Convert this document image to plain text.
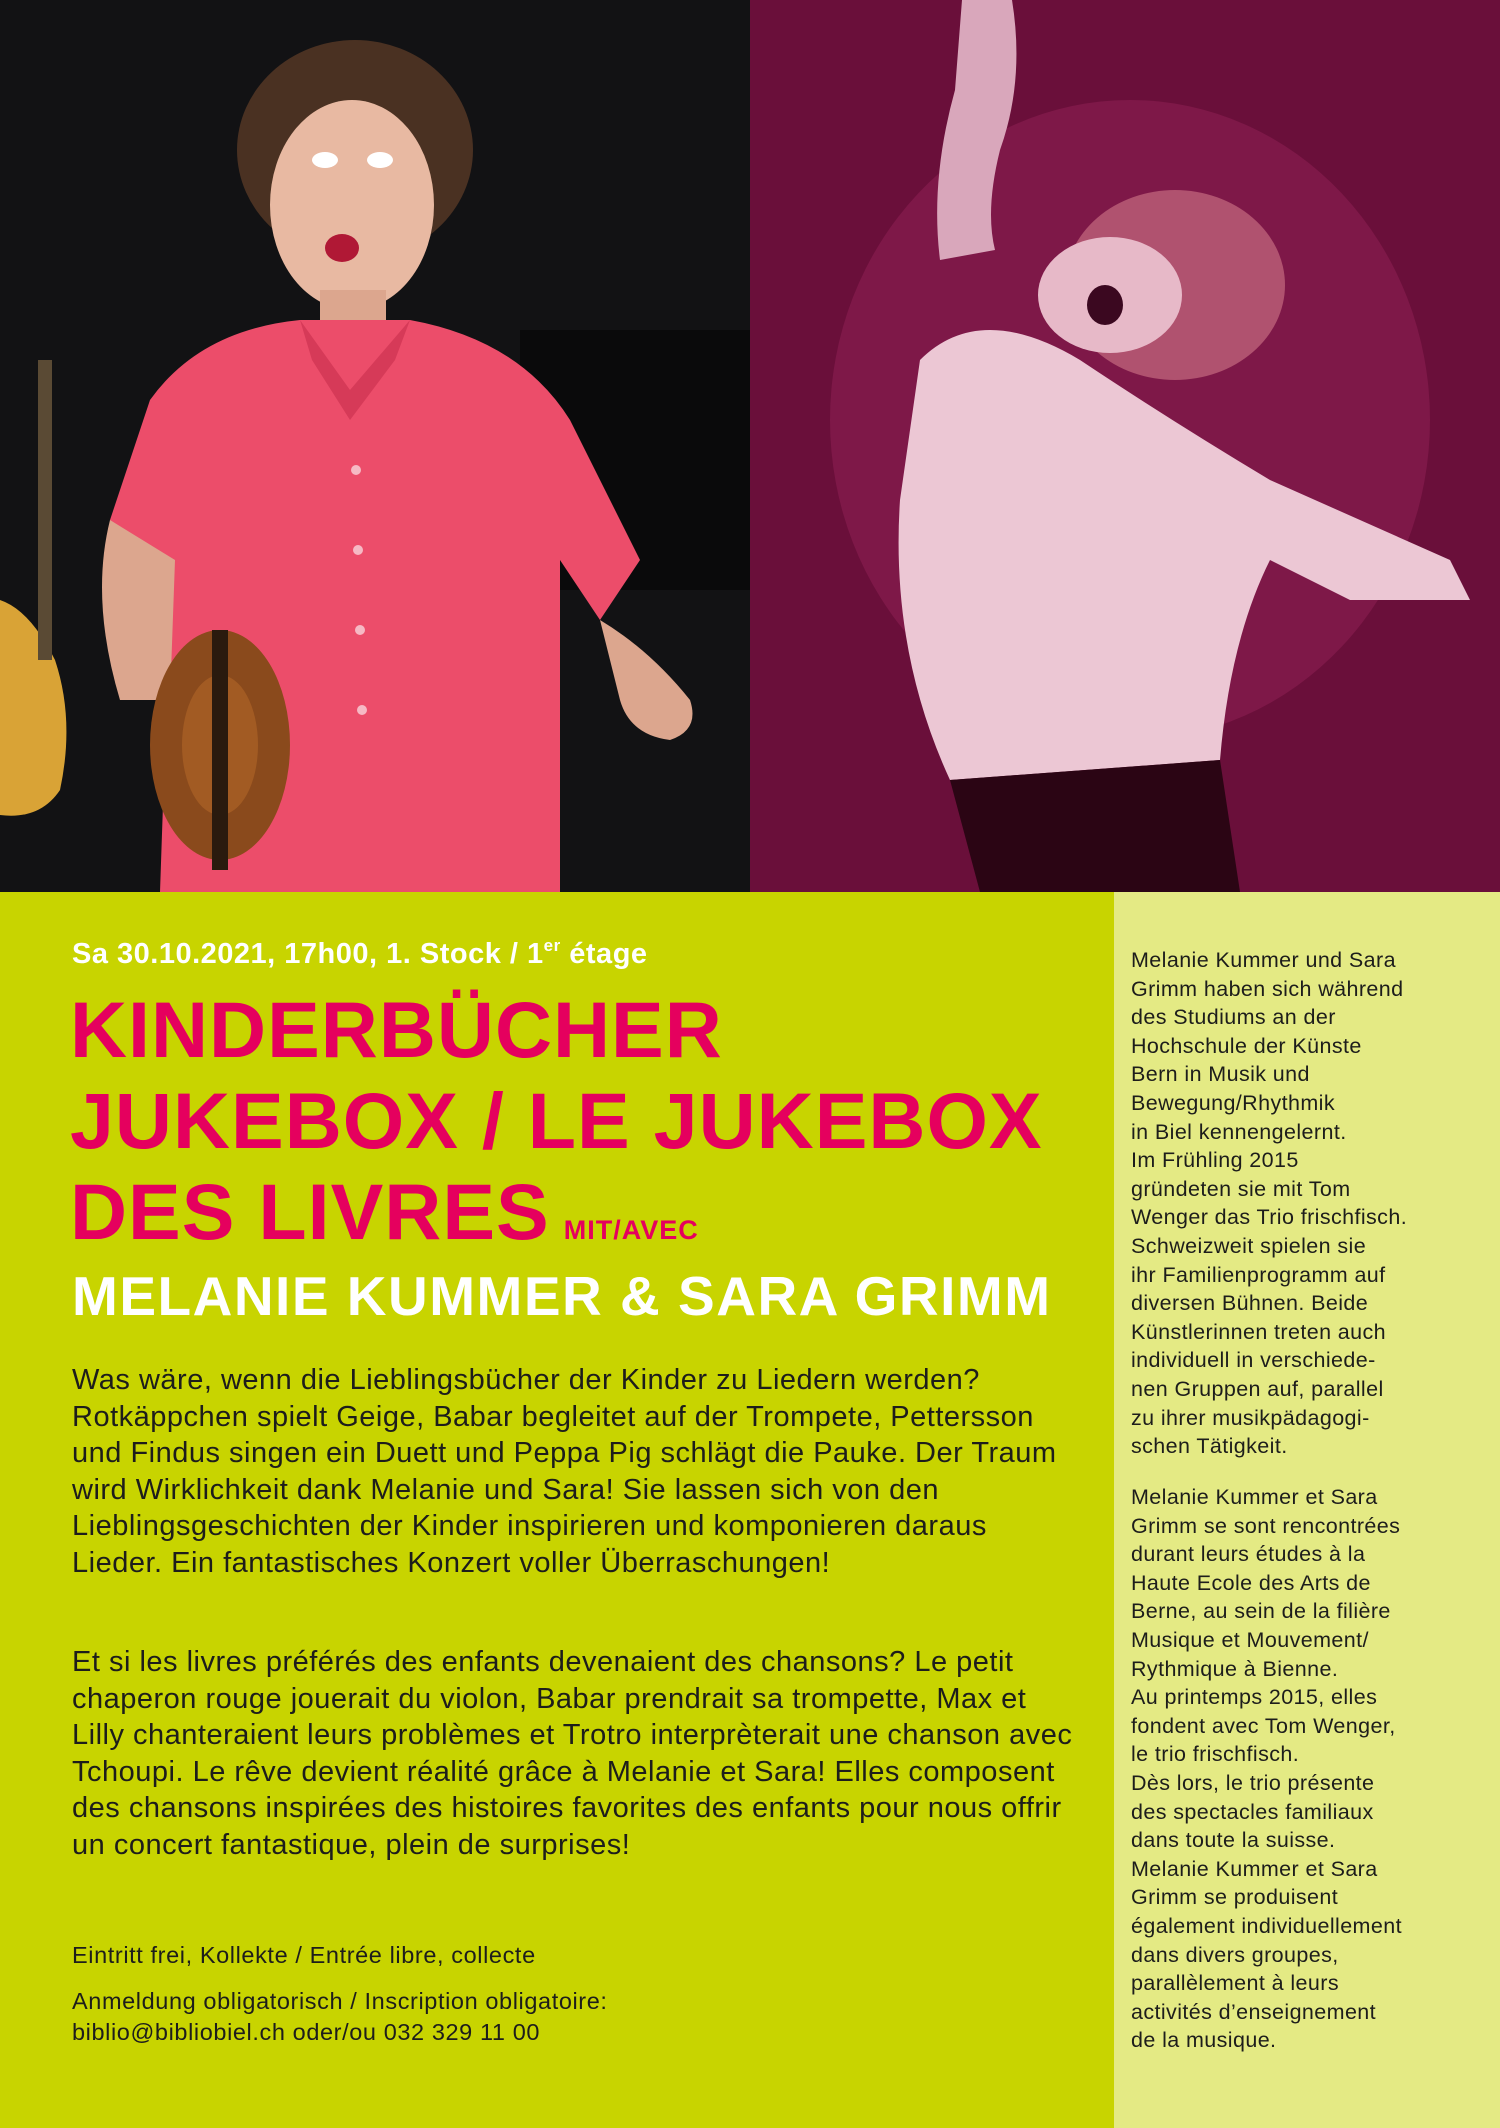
Sa 30.10.2021, 17h00, 1. Stock / 1er étage
KINDERBÜCHER
JUKEBOX / LE JUKEBOX
DES LIVRES MIT/AVEC
MELANIE KUMMER & SARA GRIMM

Was wäre, wenn die Lieblingsbücher der Kinder zu Liedern werden? Rotkäppchen spielt Geige, Babar begleitet auf der Trompete, Pettersson und Findus singen ein Duett und Peppa Pig schlägt die Pauke. Der Traum wird Wirklichkeit dank Melanie und Sara! Sie lassen sich von den Lieblingsgeschichten der Kinder inspirieren und komponieren daraus Lieder. Ein fantastisches Konzert voller Überraschungen!

Et si les livres préférés des enfants devenaient des chansons? Le petit chaperon rouge jouerait du violon, Babar prendrait sa trompette, Max et Lilly chanteraient leurs problèmes et Trotro interprèterait une chanson avec Tchoupi. Le rêve devient réalité grâce à Melanie et Sara! Elles composent des chansons inspirées des histoires favorites des enfants pour nous offrir un concert fantastique, plein de surprises!

Eintritt frei, Kollekte / Entrée libre, collecte

Anmeldung obligatorisch / Inscription obligatoire:
biblio@bibliobiel.ch oder/ou 032 329 11 00

Melanie Kummer und Sara
Grimm haben sich während
des Studiums an der
Hochschule der Künste
Bern in Musik und
Bewegung/Rhythmik
in Biel kennengelernt.
Im Frühling 2015
gründeten sie mit Tom
Wenger das Trio frischfisch.
Schweizweit spielen sie
ihr Familienprogramm auf
diversen Bühnen. Beide
Künstlerinnen treten auch
individuell in verschiede-
nen Gruppen auf, parallel
zu ihrer musikpädagogi-
schen Tätigkeit.

Melanie Kummer et Sara
Grimm se sont rencontrées
durant leurs études à la
Haute Ecole des Arts de
Berne, au sein de la filière
Musique et Mouvement/
Rythmique à Bienne.
Au printemps 2015, elles
fondent avec Tom Wenger,
le trio frischfisch.
Dès lors, le trio présente
des spectacles familiaux
dans toute la suisse.
Melanie Kummer et Sara
Grimm se produisent
également individuellement
dans divers groupes,
parallèlement à leurs
activités d’enseignement
de la musique.
